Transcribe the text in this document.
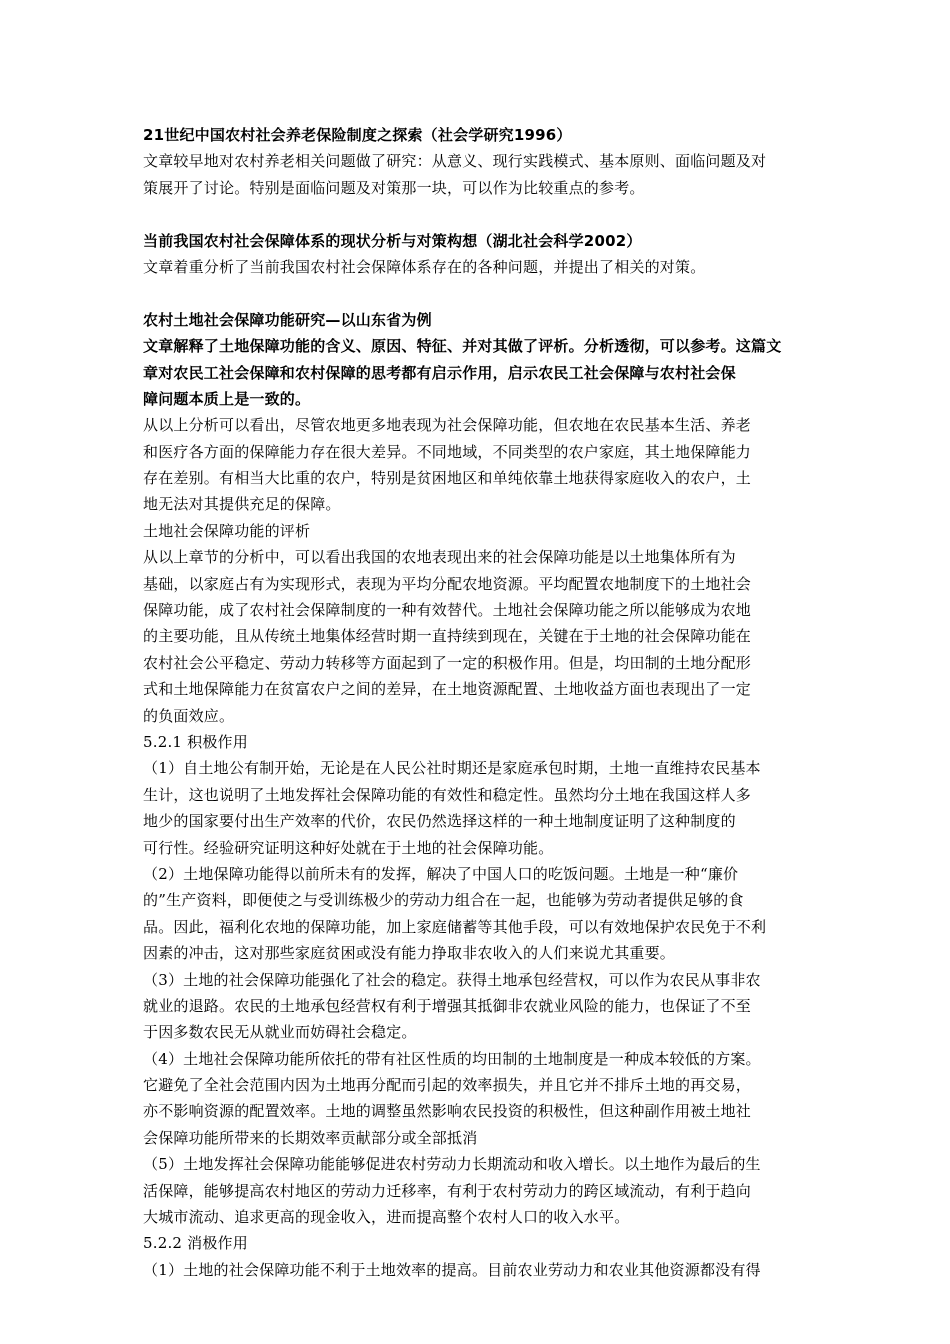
21世纪中国农村社会养老保险制度之探索（社会学研究1996）
文章较早地对农村养老相关问题做了研究：从意义、现行实践模式、基本原则、面临问题及对
策展开了讨论。特别是面临问题及对策那一块，可以作为比较重点的参考。
当前我国农村社会保障体系的现状分析与对策构想（湖北社会科学2002）
文章着重分析了当前我国农村社会保障体系存在的各种问题，并提出了相关的对策。
农村土地社会保障功能研究—以山东省为例
文章解释了土地保障功能的含义、原因、特征、并对其做了评析。分析透彻，可以参考。这篇文
章对农民工社会保障和农村保障的思考都有启示作用，启示农民工社会保障与农村社会保
障问题本质上是一致的。
从以上分析可以看出，尽管农地更多地表现为社会保障功能，但农地在农民基本生活、养老
和医疗各方面的保障能力存在很大差异。不同地域，不同类型的农户家庭，其土地保障能力
存在差别。有相当大比重的农户，特别是贫困地区和单纯依靠土地获得家庭收入的农户，土
地无法对其提供充足的保障。
土地社会保障功能的评析
从以上章节的分析中，可以看出我国的农地表现出来的社会保障功能是以土地集体所有为
基础，以家庭占有为实现形式，表现为平均分配农地资源。平均配置农地制度下的土地社会
保障功能，成了农村社会保障制度的一种有效替代。土地社会保障功能之所以能够成为农地
的主要功能，且从传统土地集体经营时期一直持续到现在，关键在于土地的社会保障功能在
农村社会公平稳定、劳动力转移等方面起到了一定的积极作用。但是，均田制的土地分配形
式和土地保障能力在贫富农户之间的差异，在土地资源配置、土地收益方面也表现出了一定
的负面效应。
5.2.1 积极作用
（1）自土地公有制开始，无论是在人民公社时期还是家庭承包时期，土地一直维持农民基本
生计，这也说明了土地发挥社会保障功能的有效性和稳定性。虽然均分土地在我国这样人多
地少的国家要付出生产效率的代价，农民仍然选择这样的一种土地制度证明了这种制度的
可行性。经验研究证明这种好处就在于土地的社会保障功能。
（2）土地保障功能得以前所未有的发挥，解决了中国人口的吃饭问题。土地是一种“廉价
的”生产资料，即便使之与受训练极少的劳动力组合在一起，也能够为劳动者提供足够的食
品。因此，福利化农地的保障功能，加上家庭储蓄等其他手段，可以有效地保护农民免于不利
因素的冲击，这对那些家庭贫困或没有能力挣取非农收入的人们来说尤其重要。
（3）土地的社会保障功能强化了社会的稳定。获得土地承包经营权，可以作为农民从事非农
就业的退路。农民的土地承包经营权有利于增强其抵御非农就业风险的能力，也保证了不至
于因多数农民无从就业而妨碍社会稳定。
（4）土地社会保障功能所依托的带有社区性质的均田制的土地制度是一种成本较低的方案。
它避免了全社会范围内因为土地再分配而引起的效率损失，并且它并不排斥土地的再交易，
亦不影响资源的配置效率。土地的调整虽然影响农民投资的积极性，但这种副作用被土地社
会保障功能所带来的长期效率贡献部分或全部抵消
（5）土地发挥社会保障功能能够促进农村劳动力长期流动和收入增长。以土地作为最后的生
活保障，能够提高农村地区的劳动力迁移率，有利于农村劳动力的跨区域流动，有利于趋向
大城市流动、追求更高的现金收入，进而提高整个农村人口的收入水平。
5.2.2 消极作用
（1）土地的社会保障功能不利于土地效率的提高。目前农业劳动力和农业其他资源都没有得
